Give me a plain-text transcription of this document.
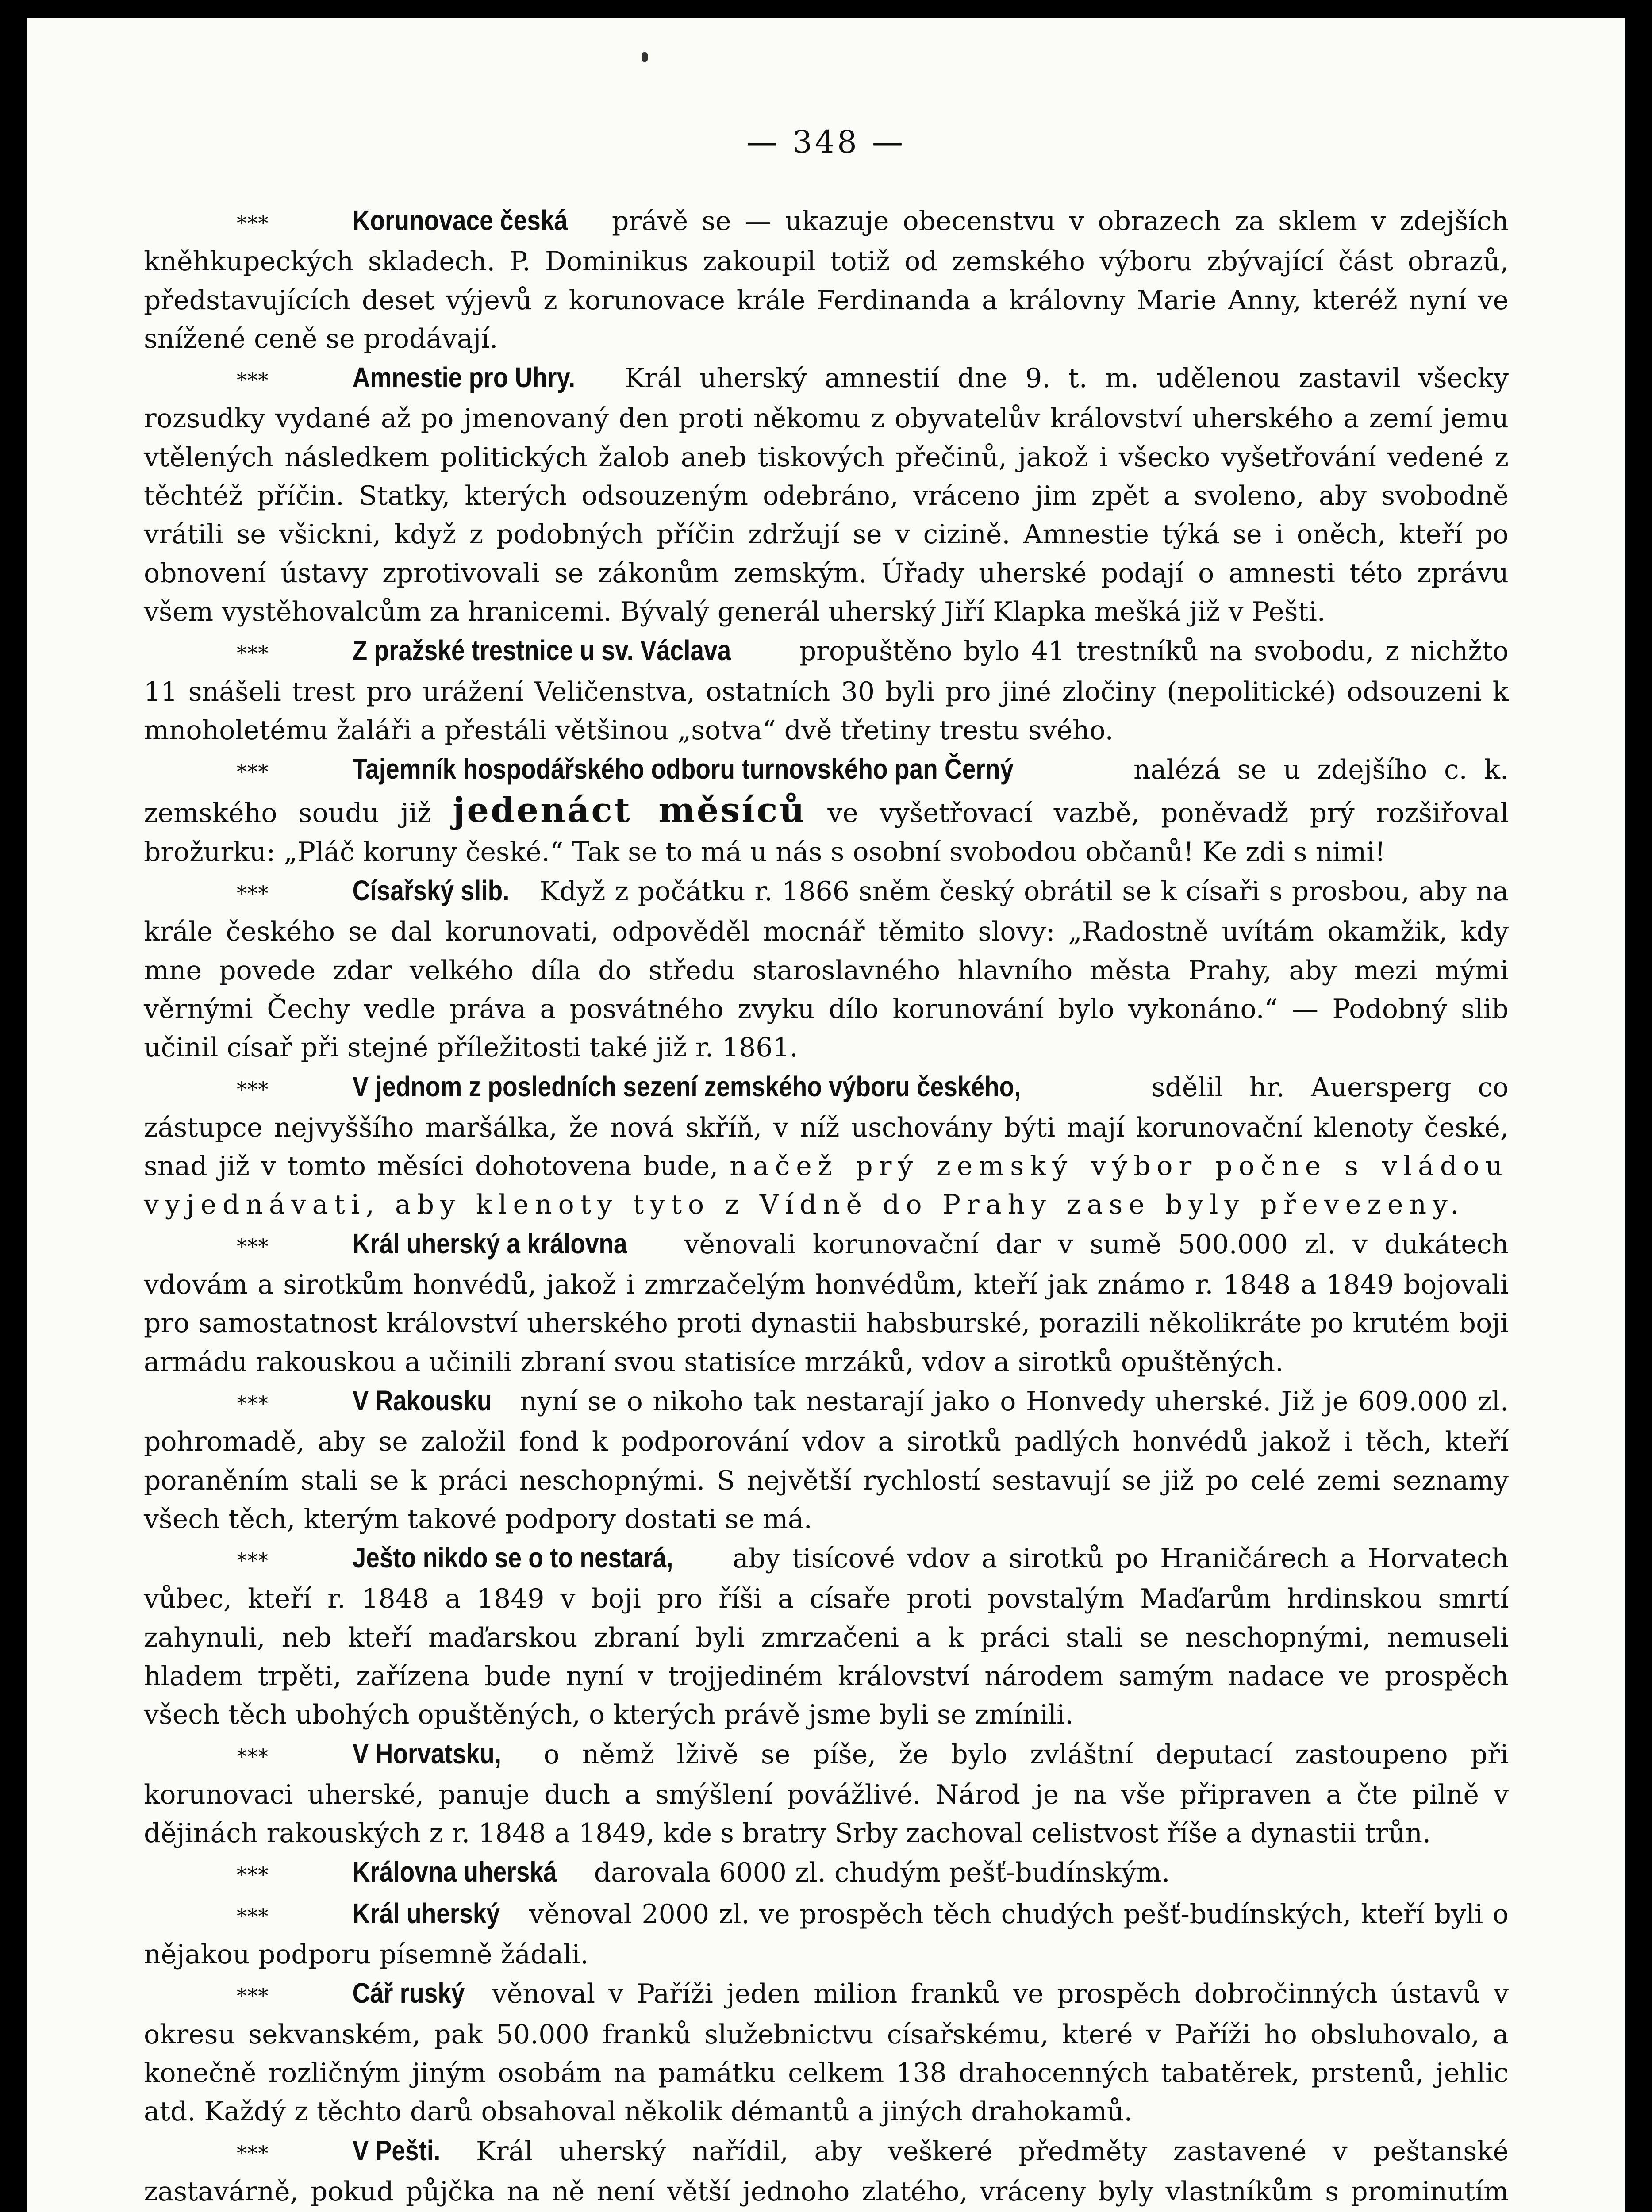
— 348 —

* * *	Korunovace česká právě se — ukazuje obecenstvu v obrazech za sklem v zdejších kněhkupeckých skladech. P. Dominikus zakoupil totiž od zemského výboru zbývající část obrazů, představujících deset výjevů z korunovace krále Ferdinanda a královny Marie Anny, kteréž nyní ve snížené ceně se prodávají.

* * *	Amnestie pro Uhry. Král uherský amnestií dne 9. t. m. udělenou zastavil všecky rozsudky vydané až po jmenovaný den proti někomu z obyvatelův království uherského a zemí jemu vtělených následkem politických žalob aneb tiskových přečinů, jakož i všecko vyšetřování vedené z těchtéž příčin. Statky, kterých odsouzeným odebráno, vráceno jim zpět a svoleno, aby svobodně vrátili se všickni, když z podobných příčin zdržují se v cizině. Amnestie týká se i oněch, kteří po obnovení ústavy zprotivovali se zákonům zemským. Úřady uherské podají o amnesti této zprávu všem vystěhovalcům za hranicemi. Bývalý generál uherský Jiří Klapka mešká již v Pešti.

* * *	Z pražské trestnice u sv. Václava propuštěno bylo 41 trestníků na svobodu, z nichžto 11 snášeli trest pro urážení Veličenstva, ostatních 30 byli pro jiné zločiny (nepolitické) odsouzeni k mnoholetému žaláři a přestáli většinou „sotva“ dvě třetiny trestu svého.

* * *	Tajemník hospodářského odboru turnovského pan Černý	nalézá se u zdejšího c. k. zemského soudu již jedenáct měsíců ve vyšetřovací vazbě, poněvadž prý rozšiřoval brožurku: „Pláč koruny české.“ Tak se to má u nás s osobní svobodou občanů! Ke zdi s nimi!

* * *	Císařský slib. Když z počátku r. 1866 sněm český obrátil se k císaři s prosbou, aby na krále českého se dal korunovati, odpověděl mocnář těmito slovy: „Radostně uvítám okamžik, kdy mne povede zdar velkého díla do středu staroslavného hlavního města Prahy, aby mezi mými věrnými Čechy vedle práva a posvátného zvyku dílo korunování bylo vykonáno.“ — Podobný slib učinil císař při stejné příležitosti také již r. 1861.

* * *	V jednom z posledních sezení zemského výboru českého,	sdělil hr. Auersperg co zástupce nejvyššího maršálka, že nová skříň, v níž uschovány býti mají korunovační klenoty české, snad již v tomto měsíci dohotovena bude, načež prý zemský výbor počne s vládou vyjednávati, aby klenoty tyto z Vídně do Prahy zase byly převezeny.

* * *	Král uherský a královna věnovali korunovační dar v sumě 500.000 zl. v dukátech vdovám a sirotkům honvédů, jakož i zmrzačelým honvédům, kteří jak známo r. 1848 a 1849 bojovali pro samostatnost království uherského proti dynastii habsburské, porazili několikráte po krutém boji armádu rakouskou a učinili zbraní svou statisíce mrzáků, vdov a sirotků opuštěných.

* * *	V Rakousku nyní se o nikoho tak nestarají jako o Honvedy uherské. Již je 609.000 zl. pohromadě, aby se založil fond k podporování vdov a sirotků padlých honvédů jakož i těch, kteří poraněním stali se k práci neschopnými. S největší rychlostí sestavují se již po celé zemi seznamy všech těch, kterým takové podpory dostati se má.

* * *	Ješto nikdo se o to nestará, aby tisícové vdov a sirotků po Hraničárech a Horvatech vůbec, kteří r. 1848 a 1849 v boji pro říši a císaře proti povstalým Maďarům hrdinskou smrtí zahynuli, neb kteří maďarskou zbraní byli zmrzačeni a k práci stali se neschopnými, nemuseli hladem trpěti, zařízena bude nyní v trojjediném království národem samým nadace ve prospěch všech těch ubohých opuštěných, o kterých právě jsme byli se zmínili.

* * *	V Horvatsku, o němž lživě se píše, že bylo zvláštní deputací zastoupeno při korunovaci uherské, panuje duch a smýšlení povážlivé. Národ je na vše připraven a čte pilně v dějinách rakouských z r. 1848 a 1849, kde s bratry Srby zachoval celistvost říše a dynastii trůn.

* * *	Královna uherská darovala 6000 zl. chudým pešť-budínským.

* * *	Král uherský věnoval 2000 zl. ve prospěch těch chudých pešť-budínských, kteří byli o nějakou podporu písemně žádali.

* * *	Cář ruský věnoval v Paříži jeden milion franků ve prospěch dobročinných ústavů v okresu sekvanském, pak 50.000 franků služebnictvu císařskému, které v Paříži ho obsluhovalo, a konečně rozličným jiným osobám na památku celkem 138 drahocenných tabatěrek, prstenů, jehlic atd. Každý z těchto darů obsahoval několik démantů a jiných drahokamů.

* * *	V Pešti. Král uherský nařídil, aby veškeré předměty zastavené v peštanské zastavárně, pokud půjčka na ně není větší jednoho zlatého, vráceny byly vlastníkům s prominutím
